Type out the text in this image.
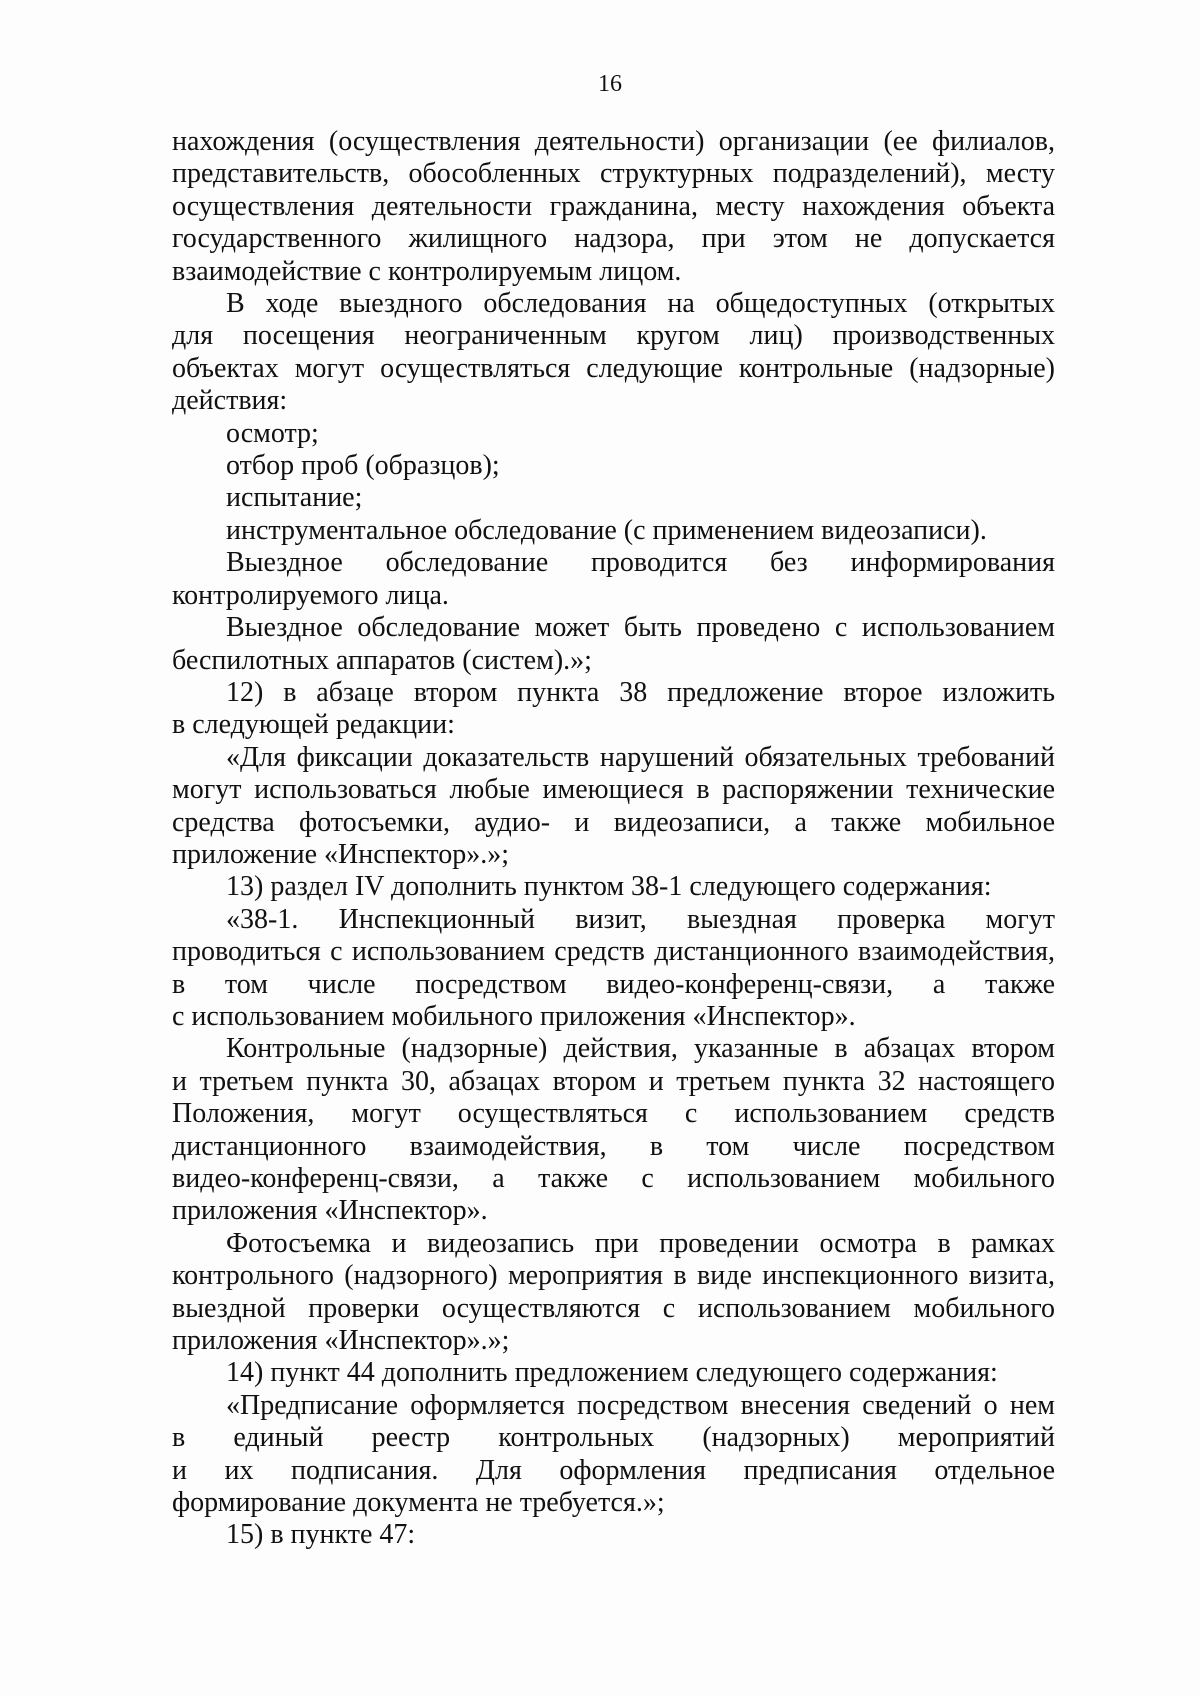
16

нахождения (осуществления деятельности) организации (ее филиалов,
представительств, обособленных структурных подразделений), месту
осуществления деятельности гражданина, месту нахождения объекта
государственного жилищного надзора, при этом не допускается
взаимодействие с контролируемым лицом.

В ходе выездного обследования на общедоступных (открытых
для посещения неограниченным кругом лиц) производственных
объектах могут осуществляться следующие контрольные (надзорные)
действия:

осмотр;

отбор проб (образцов);

испытание;

инструментальное обследование (с применением видеозаписи).

Выездное обследование проводится без информирования
контролируемого лица.

Выездное обследование может быть проведено с использованием
беспилотных аппаратов (систем).»;

12) в абзаце втором пункта 38 предложение второе изложить
в следующей редакции:

«Для фиксации доказательств нарушений обязательных требований
могут использоваться любые имеющиеся в распоряжении технические
средства фотосъемки, аудио- и видеозаписи, а также мобильное
приложение «Инспектор».»;

13) раздел IV дополнить пунктом 38-1 следующего содержания:

«38-1. Инспекционный визит, выездная проверка могут
проводиться с использованием средств дистанционного взаимодействия,
в том числе посредством видео-конференц-связи, а также
с использованием мобильного приложения «Инспектор».

Контрольные (надзорные) действия, указанные в абзацах втором
и третьем пункта 30, абзацах втором и третьем пункта 32 настоящего
Положения, могут осуществляться с использованием средств
дистанционного взаимодействия, в том числе посредством
видео-конференц-связи, а также с использованием мобильного
приложения «Инспектор».

Фотосъемка и видеозапись при проведении осмотра в рамках
контрольного (надзорного) мероприятия в виде инспекционного визита,
выездной проверки осуществляются с использованием мобильного
приложения «Инспектор».»;

14) пункт 44 дополнить предложением следующего содержания:

«Предписание оформляется посредством внесения сведений о нем
в единый реестр контрольных (надзорных) мероприятий
и их подписания. Для оформления предписания отдельное
формирование документа не требуется.»;

15) в пункте 47:
